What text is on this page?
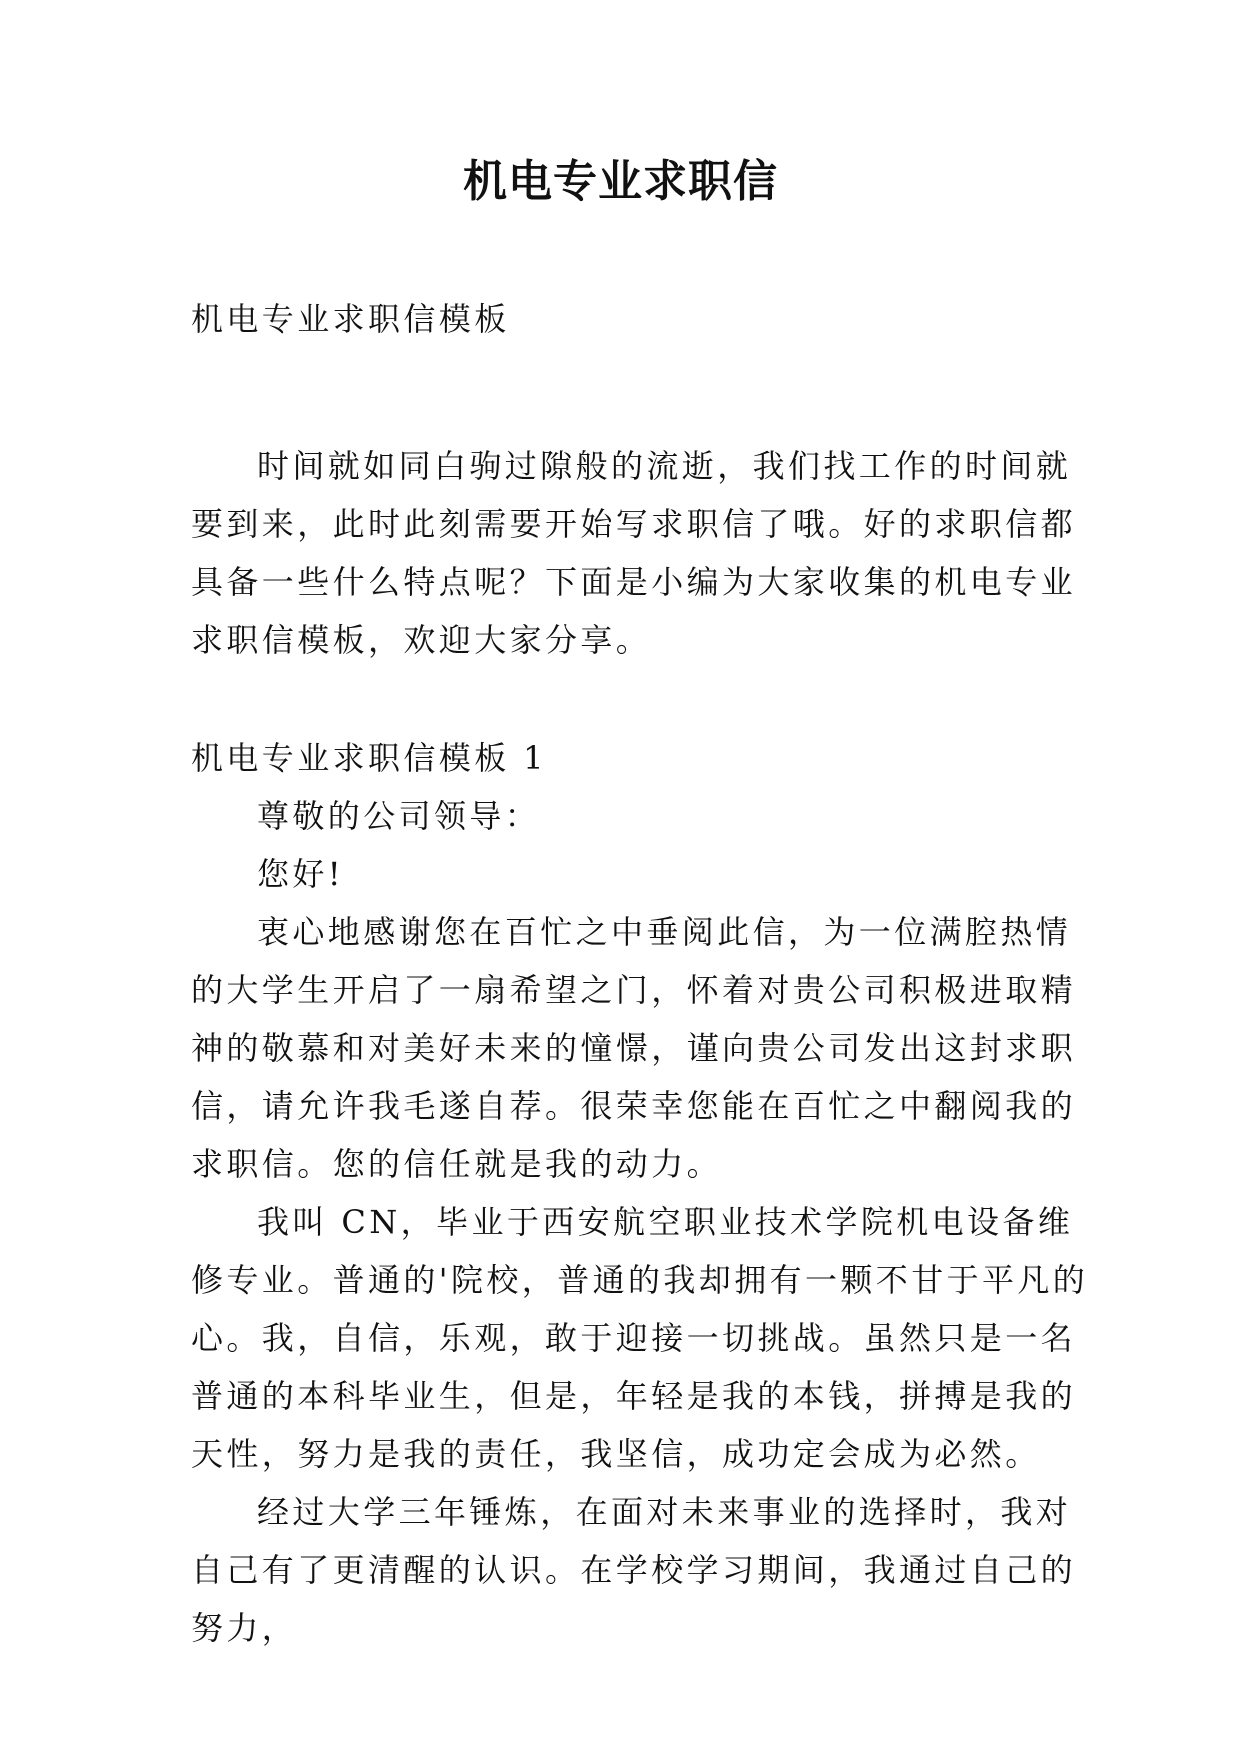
机电专业求职信

机电专业求职信模板

时间就如同白驹过隙般的流逝，我们找工作的时间就要到来，此时此刻需要开始写求职信了哦。好的求职信都具备一些什么特点呢？下面是小编为大家收集的机电专业求职信模板，欢迎大家分享。

机电专业求职信模板 1

尊敬的公司领导：

您好!

衷心地感谢您在百忙之中垂阅此信，为一位满腔热情的大学生开启了一扇希望之门，怀着对贵公司积极进取精神的敬慕和对美好未来的憧憬，谨向贵公司发出这封求职信，请允许我毛遂自荐。很荣幸您能在百忙之中翻阅我的求职信。您的信任就是我的动力。

我叫 CN，毕业于西安航空职业技术学院机电设备维修专业。普通的'院校，普通的我却拥有一颗不甘于平凡的心。我，自信，乐观，敢于迎接一切挑战。虽然只是一名普通的本科毕业生，但是，年轻是我的本钱，拼搏是我的天性，努力是我的责任，我坚信，成功定会成为必然。

经过大学三年锤炼，在面对未来事业的选择时，我对自己有了更清醒的认识。在学校学习期间，我通过自己的努力，
